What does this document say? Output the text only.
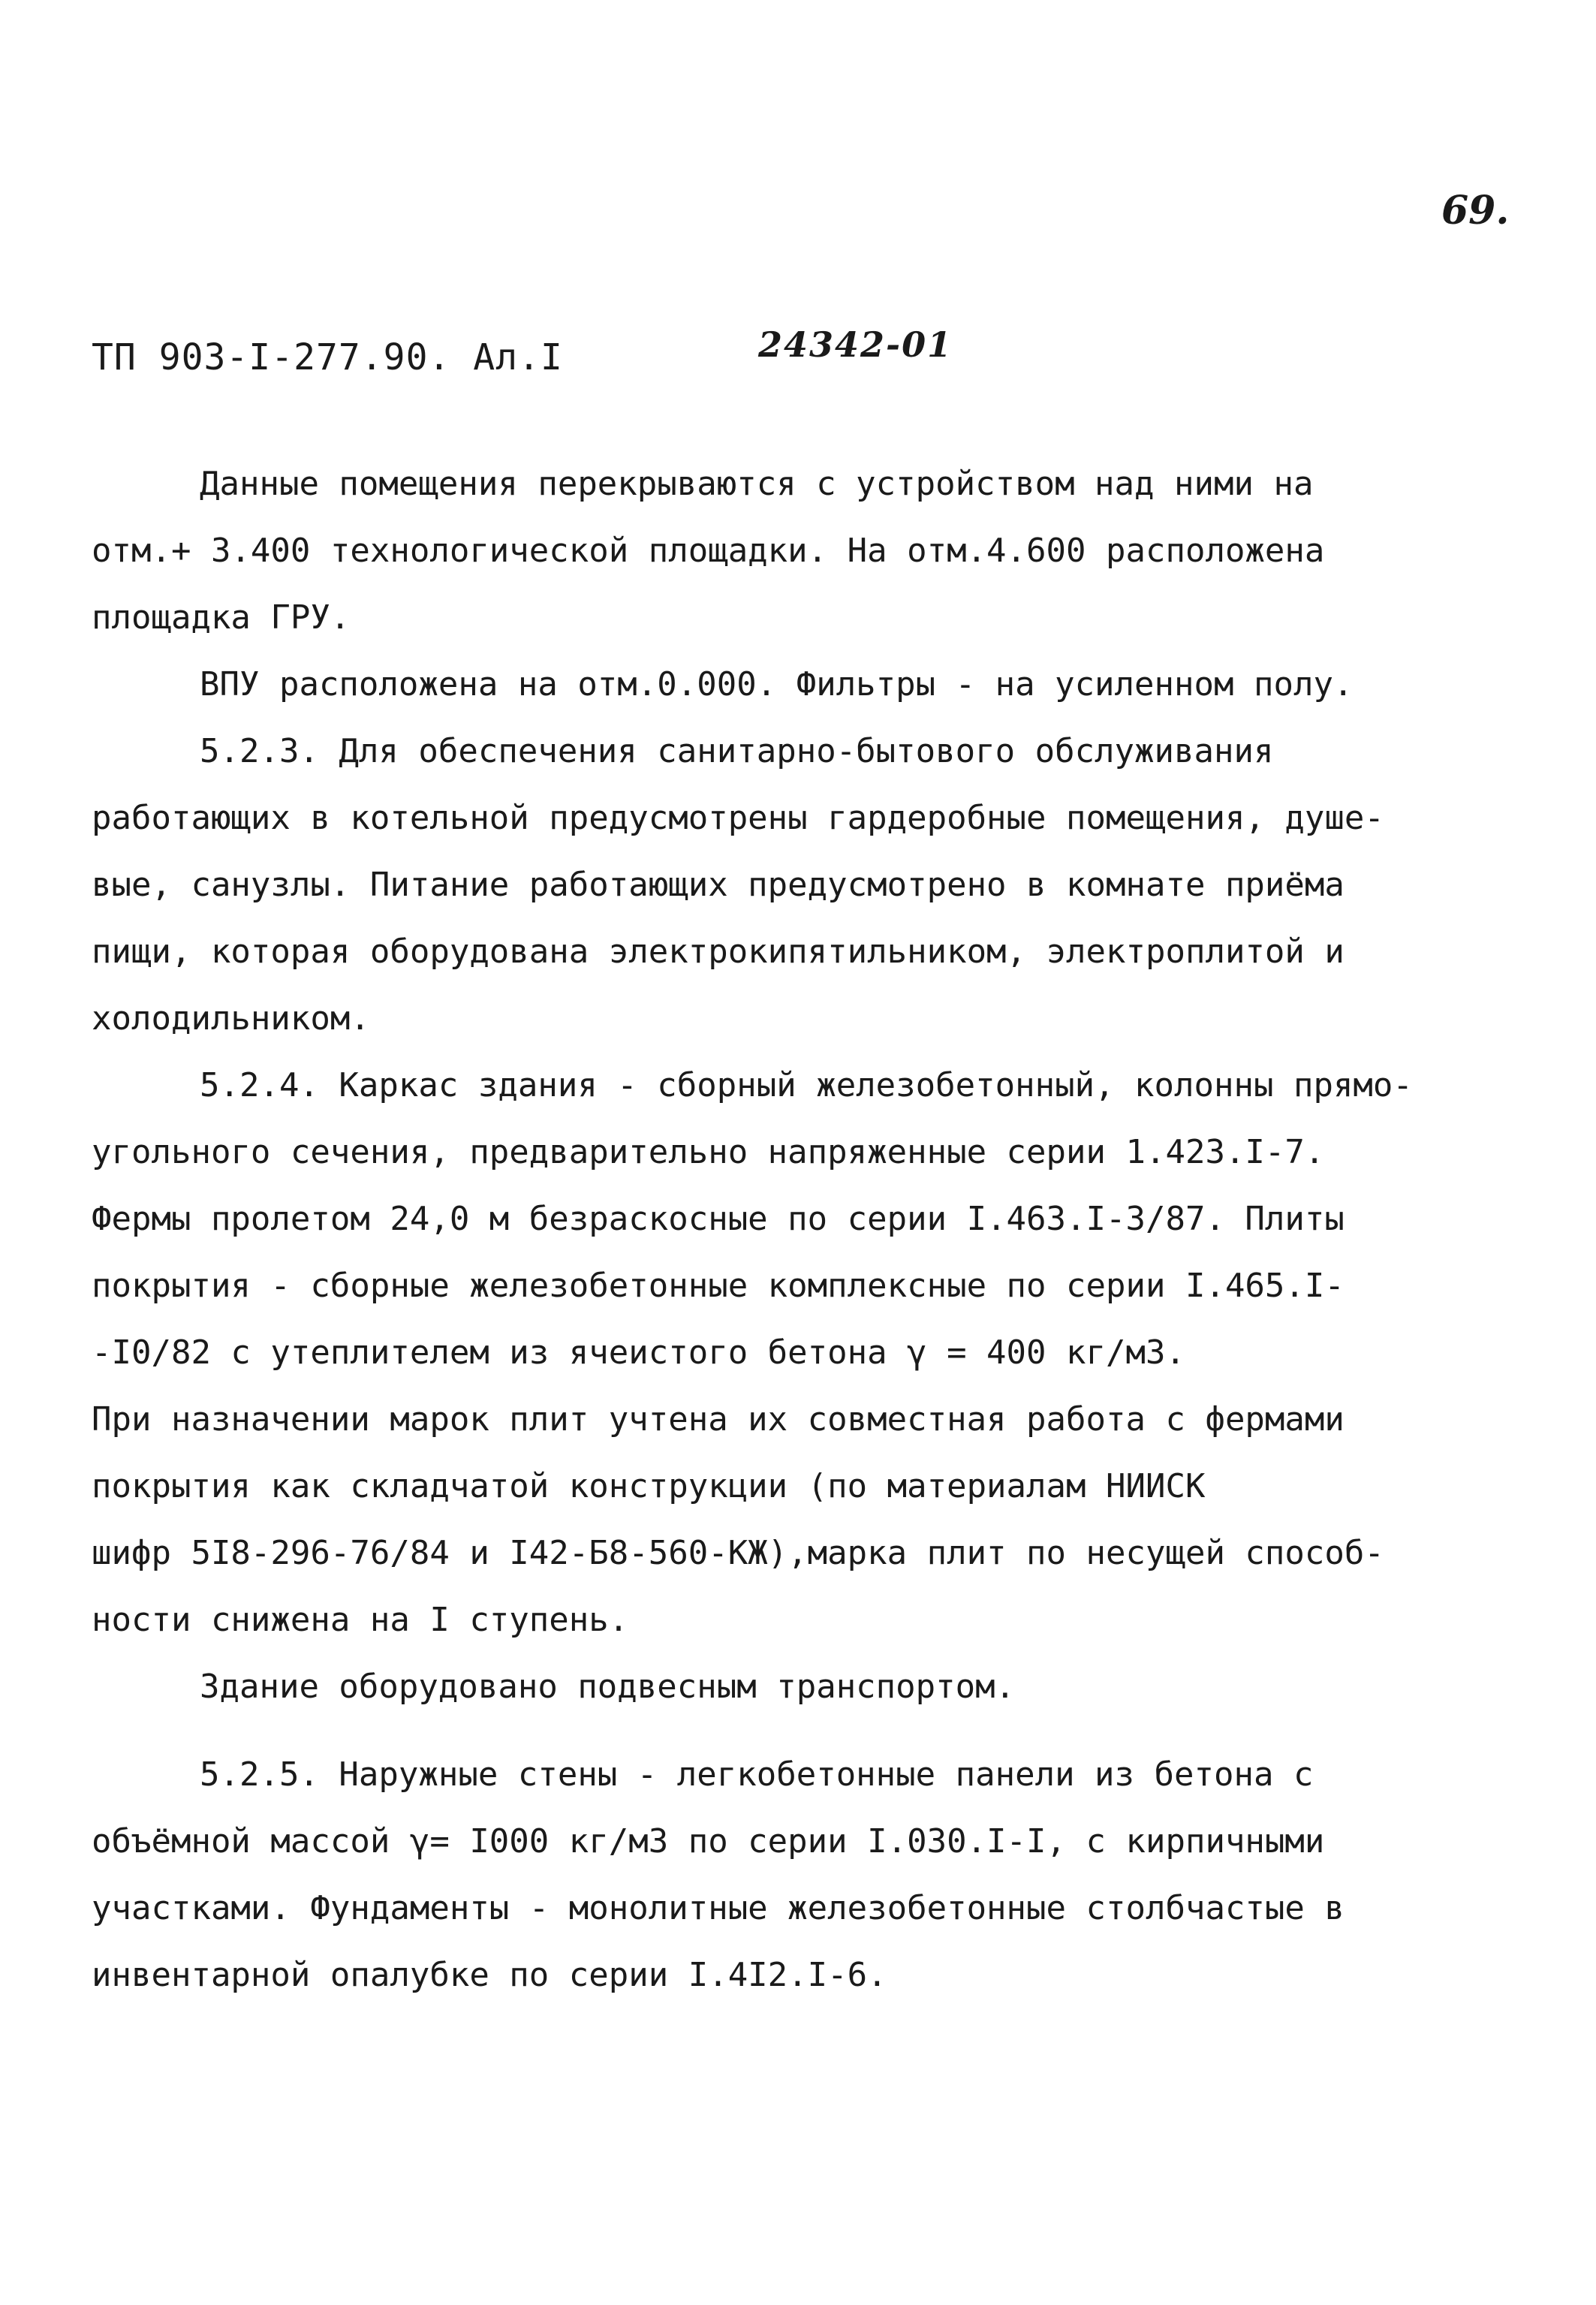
69.
ТП 903-I-277.90. Ал.I	24342-01
Данные помещения перекрываются с устройством над ними на
отм.+ 3.400 технологической площадки. На отм.4.600 расположена
площадка ГРУ.
ВПУ расположена на отм.0.000. Фильтры - на усиленном полу.
5.2.3. Для обеспечения санитарно-бытового обслуживания
работающих в котельной предусмотрены гардеробные помещения, душе-
вые, санузлы. Питание работающих предусмотрено в комнате приёма
пищи, которая оборудована электрокипятильником, электроплитой и
холодильником.
5.2.4. Каркас здания - сборный железобетонный, колонны прямо-
угольного сечения, предварительно напряженные серии 1.423.I-7.
Фермы пролетом 24,0 м безраскосные по серии I.463.I-3/87. Плиты
покрытия - сборные железобетонные комплексные по серии I.465.I-
-I0/82 с утеплителем из ячеистого бетона γ = 400 кг/м3.
При назначении марок плит учтена их совместная работа с фермами
покрытия как складчатой конструкции (по материалам НИИСК
шифр 5I8-296-76/84 и I42-Б8-560-КЖ),марка плит по несущей способ-
ности снижена на I ступень.
Здание оборудовано подвесным транспортом.
5.2.5. Наружные стены - легкобетонные панели из бетона с
объёмной массой γ= I000 кг/м3 по серии I.030.I-I, с кирпичными
участками. Фундаменты - монолитные железобетонные столбчастые в
инвентарной опалубке по серии I.4I2.I-6.
